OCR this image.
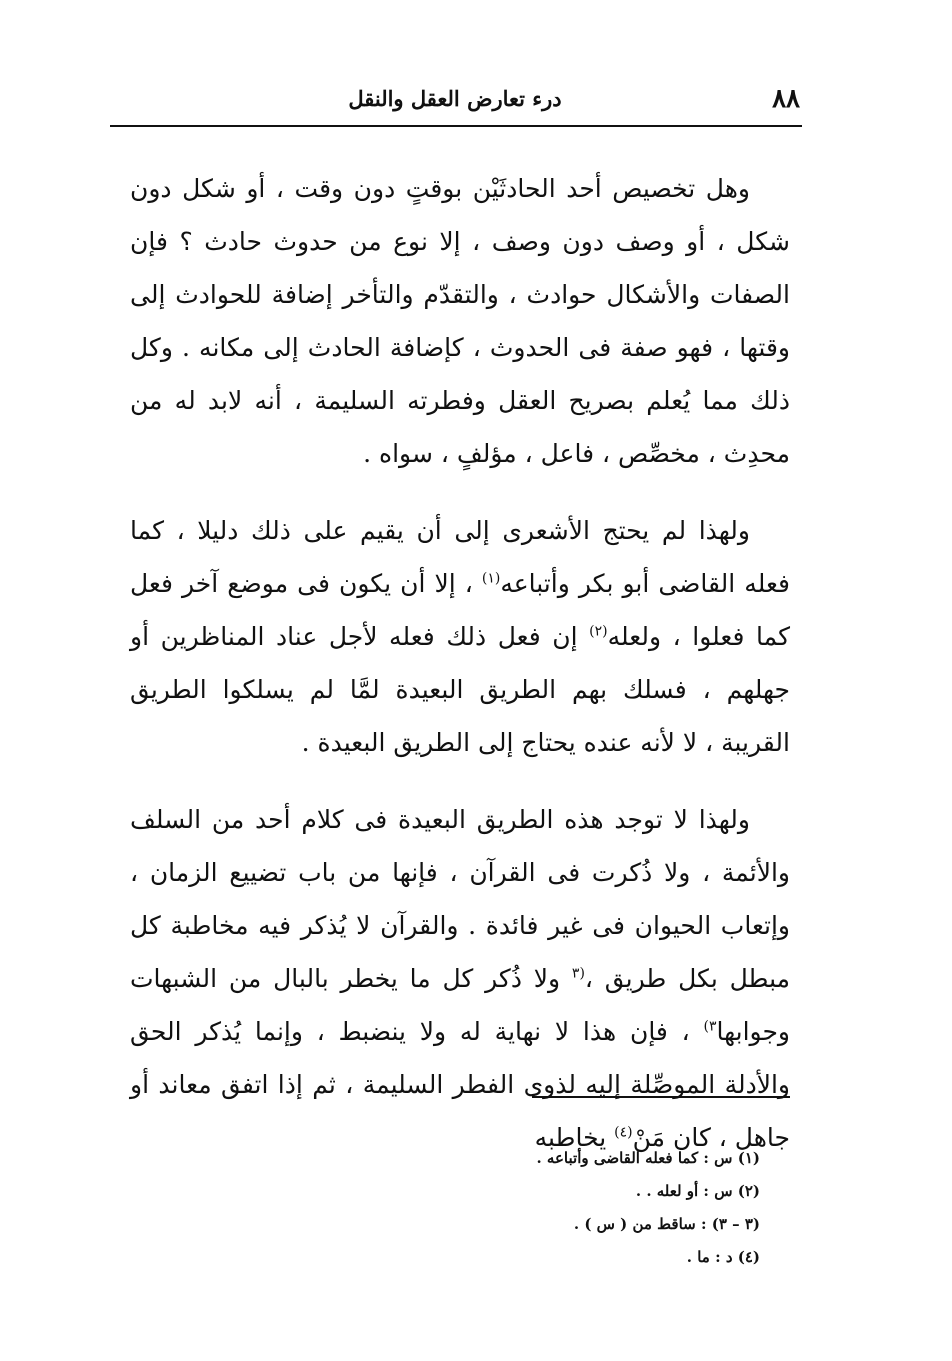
٨٨
درء تعارض العقل والنقل

وهل تخصيص أحد الحادثَيْن بوقتٍ دون وقت ، أو شكل دون شكل ، أو وصف دون وصف ، إلا نوع من حدوث حادث ؟ فإن الصفات والأشكال حوادث ، والتقدّم والتأخر إضافة للحوادث إلى وقتها ، فهو صفة فى الحدوث ، كإضافة الحادث إلى مكانه . وكل ذلك مما يُعلم بصريح العقل وفطرته السليمة ، أنه لابد له من محدِث ، مخصِّص ، فاعل ، مؤلفٍ ، سواه .

ولهذا لم يحتج الأشعرى إلى أن يقيم على ذلك دليلا ، كما فعله القاضى أبو بكر وأتباعه$^{(١)}$ ، إلا أن يكون فى موضع آخر فعل كما فعلوا ، ولعله$^{(٢)}$ إن فعل ذلك فعله لأجل عناد المناظرين أو جهلهم ، فسلك بهم الطريق البعيدة لمَّا لم يسلكوا الطريق القريبة ، لا لأنه عنده يحتاج إلى الطريق البعيدة .

ولهذا لا توجد هذه الطريق البعيدة فى كلام أحد من السلف والأئمة ، ولا ذُكرت فى القرآن ، فإنها من باب تضييع الزمان ، وإتعاب الحيوان فى غير فائدة . والقرآن لا يُذكر فيه مخاطبة كل مبطل بكل طريق ،$^{(٣}$ ولا ذُكر كل ما يخطر بالبال من الشبهات وجوابها$^{٣)}$ ، فإن هذا لا نهاية له ولا ينضبط ، وإنما يُذكر الحق والأدلة الموصِّلة إليه لذوى الفطر السليمة ، ثم إذا اتفق معاند أو جاهل ، كان مَنْ$^{(٤)}$ يخاطبه

(١) س : كما فعله القاضى وأتباعه .
(٢) س : أو لعله . .
(٣ – ٣) : ساقط من ( س ) .
(٤) د : ما .
